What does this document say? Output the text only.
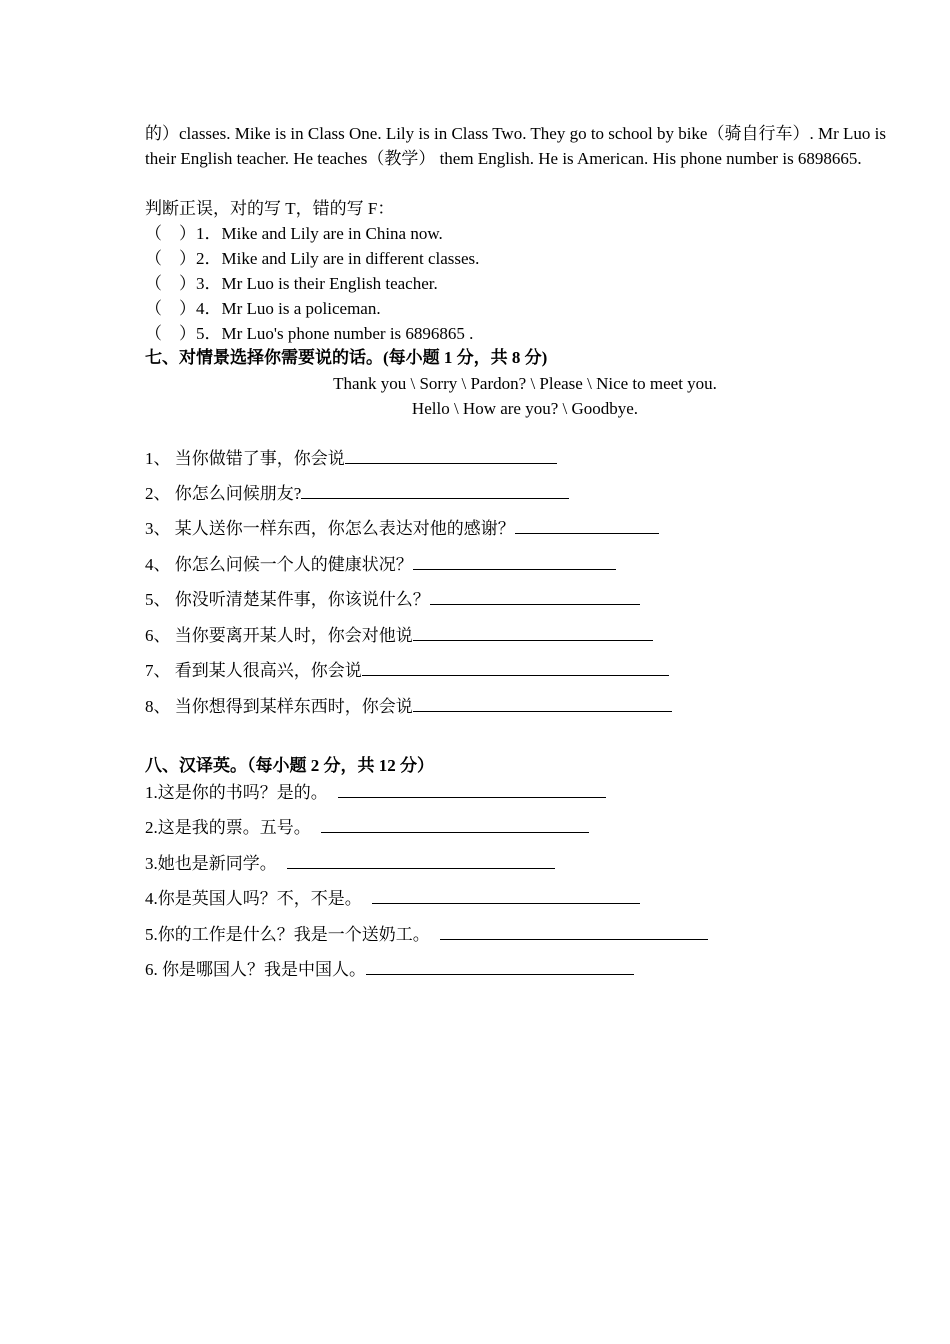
的）classes. Mike is in Class One. Lily is in Class Two. They go to school by bike（骑自行车）. Mr Luo is their English teacher. He teaches（教学） them English. He is American. His phone number is 6898665.
判断正误，对的写 T，错的写 F：
（　）1．Mike and Lily are in China now.
（　）2．Mike and Lily are in different classes.
（　）3．Mr Luo is their English teacher.
（　）4．Mr Luo is a policeman.
（　）5．Mr Luo's phone number is 6896865 .
七、对情景选择你需要说的话。(每小题 1 分，共 8 分)
Thank you \ Sorry \ Pardon? \ Please \ Nice to meet you.
Hello \ How are you? \ Goodbye.
1、 当你做错了事，你会说
2、 你怎么问候朋友?
3、 某人送你一样东西，你怎么表达对他的感谢？
4、 你怎么问候一个人的健康状况？
5、 你没听清楚某件事，你该说什么？
6、 当你要离开某人时，你会对他说
7、 看到某人很高兴，你会说
8、 当你想得到某样东西时，你会说
八、汉译英。（每小题 2 分，共 12 分）
1.这是你的书吗？是的。
2.这是我的票。五号。
3.她也是新同学。
4.你是英国人吗？不，不是。
5.你的工作是什么？我是一个送奶工。
6. 你是哪国人？我是中国人。
